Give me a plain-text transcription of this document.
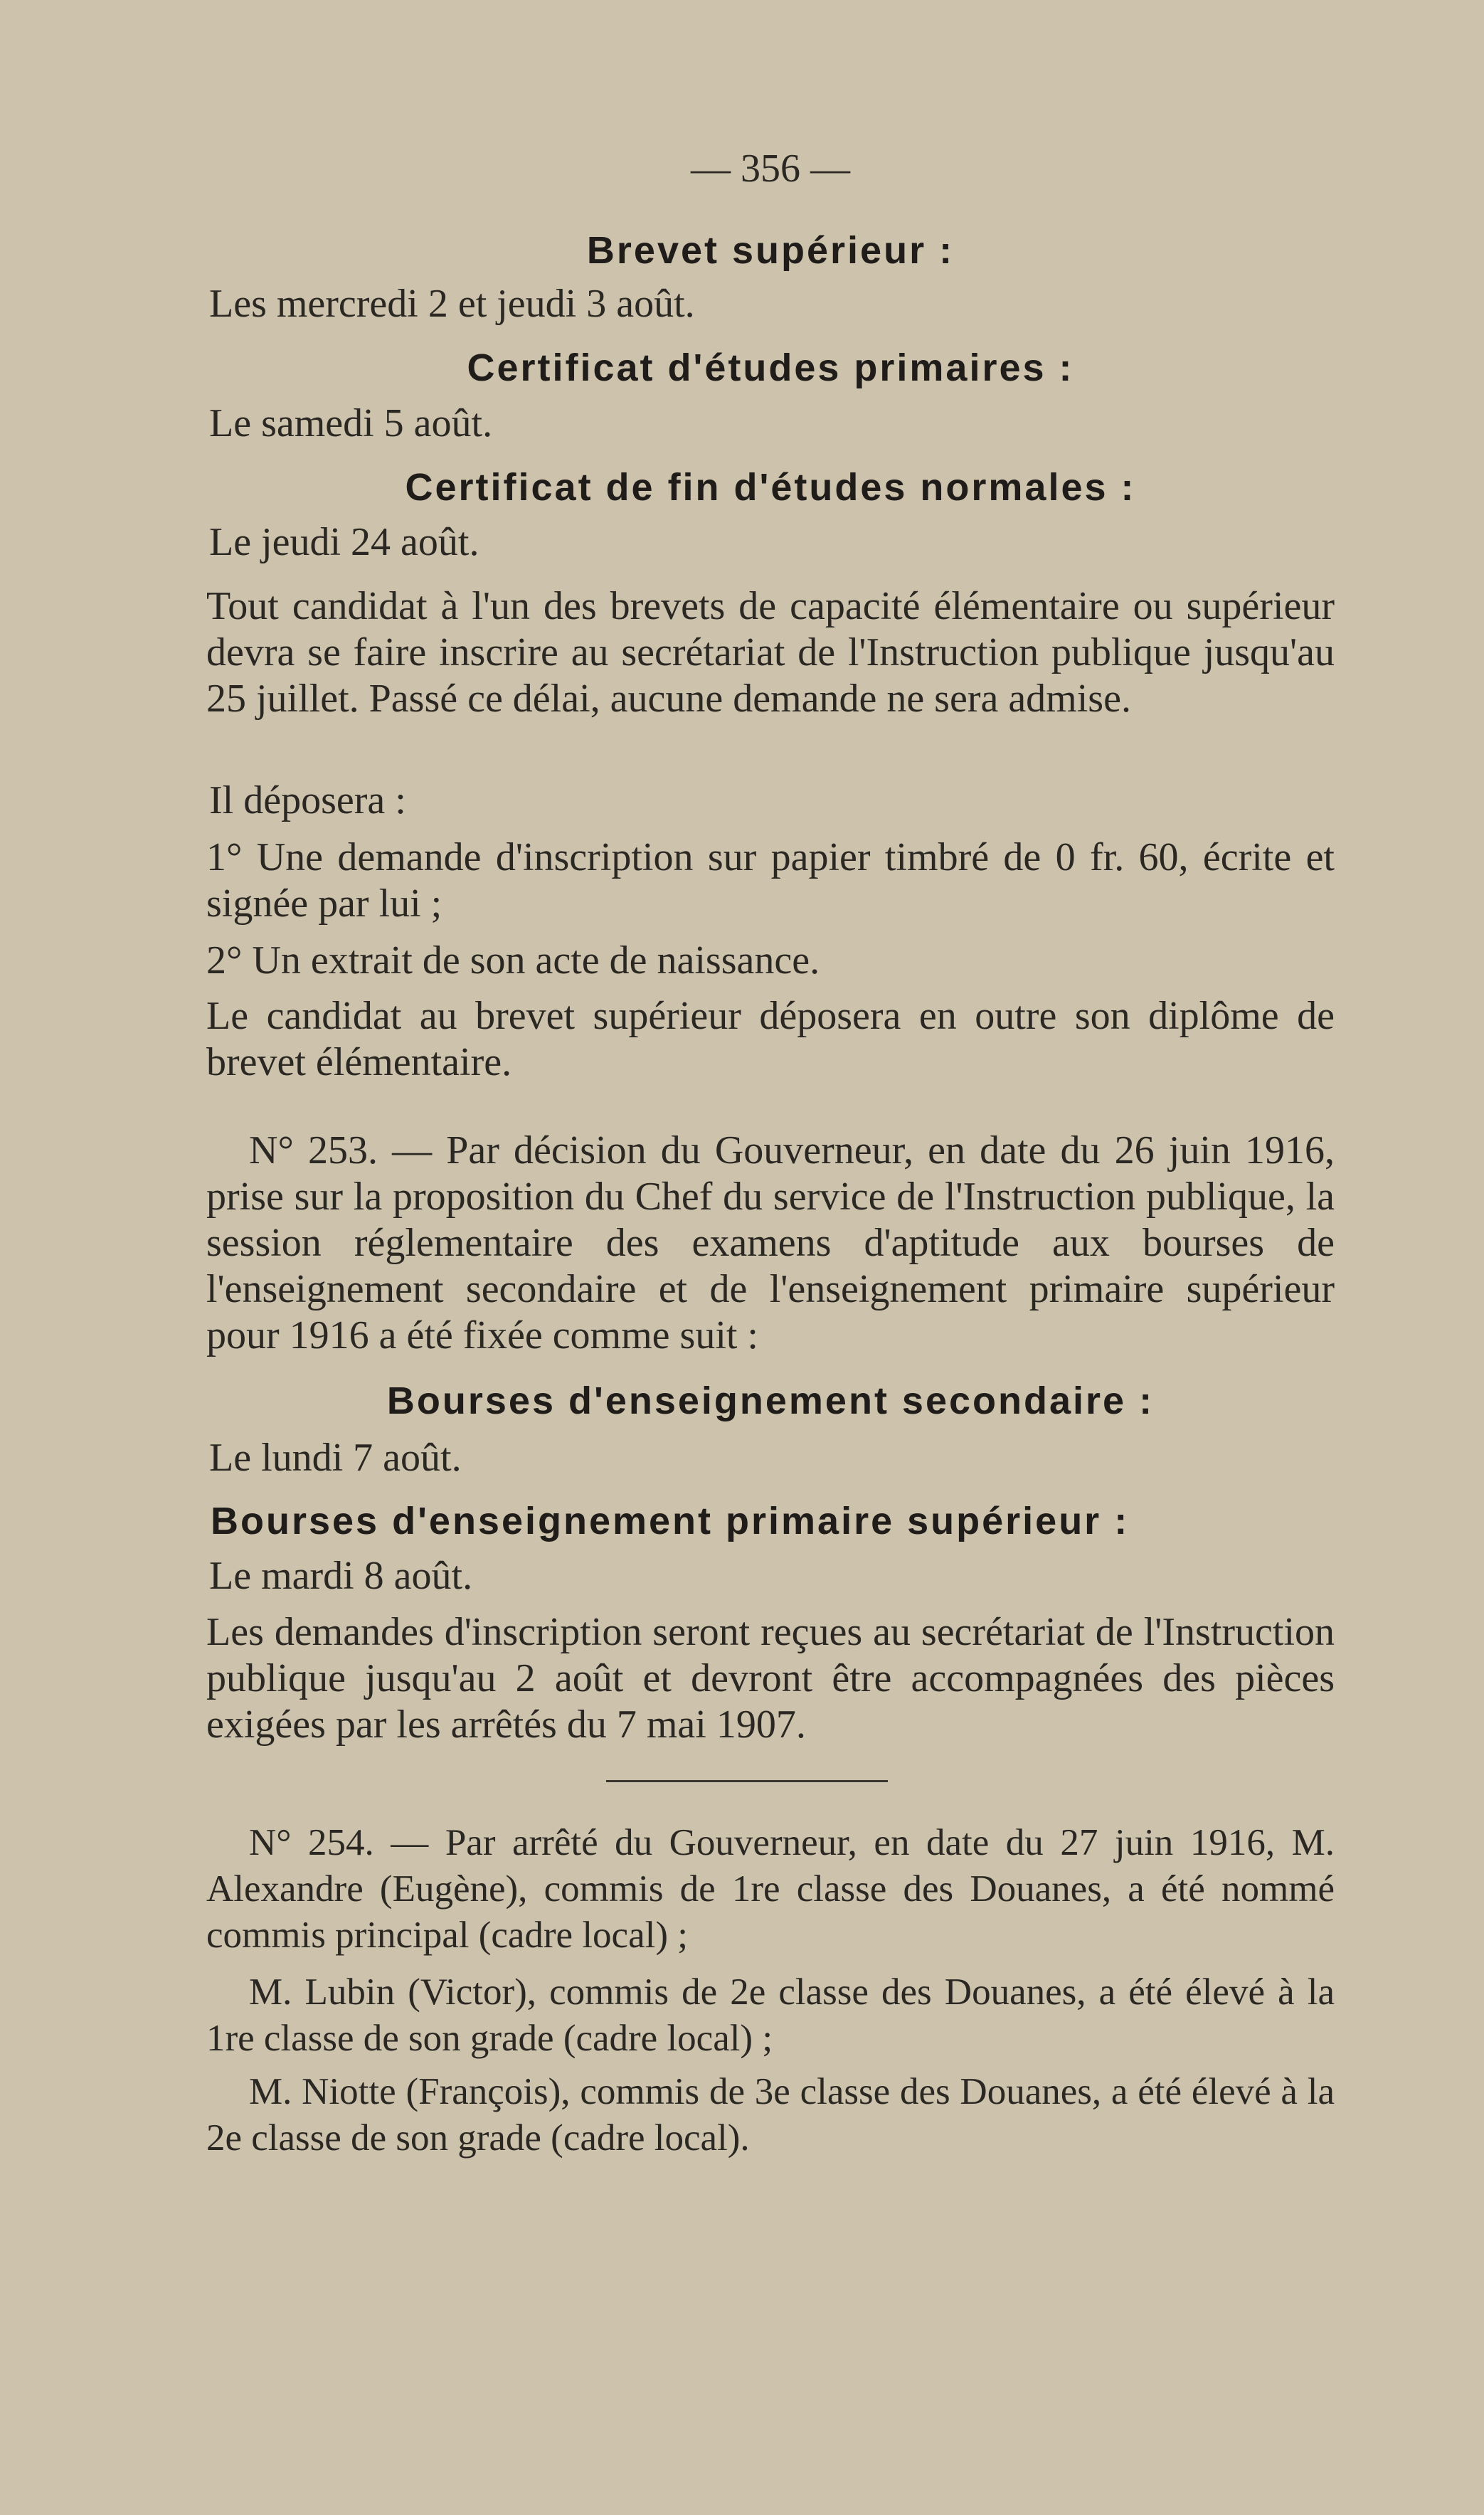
— 356 —

Brevet supérieur :

Les mercredi 2 et jeudi 3 août.

Certificat d'études primaires :

Le samedi 5 août.

Certificat de fin d'études normales :

Le jeudi 24 août.

Tout candidat à l'un des brevets de capacité élémentaire ou supérieur devra se faire inscrire au secrétariat de l'Instruction publique jusqu'au 25 juillet. Passé ce délai, aucune demande ne sera admise.

Il déposera :

1° Une demande d'inscription sur papier timbré de 0 fr. 60, écrite et signée par lui ;

2° Un extrait de son acte de naissance.

Le candidat au brevet supérieur déposera en outre son diplôme de brevet élémentaire.

N° 253. — Par décision du Gouverneur, en date du 26 juin 1916, prise sur la proposition du Chef du service de l'Instruction publique, la session réglementaire des examens d'aptitude aux bourses de l'enseignement secondaire et de l'enseignement primaire supérieur pour 1916 a été fixée comme suit :

Bourses d'enseignement secondaire :

Le lundi 7 août.

Bourses d'enseignement primaire supérieur :

Le mardi 8 août.

Les demandes d'inscription seront reçues au secrétariat de l'Instruction publique jusqu'au 2 août et devront être accompagnées des pièces exigées par les arrêtés du 7 mai 1907.

N° 254. — Par arrêté du Gouverneur, en date du 27 juin 1916, M. Alexandre (Eugène), commis de 1re classe des Douanes, a été nommé commis principal (cadre local) ;

M. Lubin (Victor), commis de 2e classe des Douanes, a été élevé à la 1re classe de son grade (cadre local) ;

M. Niotte (François), commis de 3e classe des Douanes, a été élevé à la 2e classe de son grade (cadre local).
